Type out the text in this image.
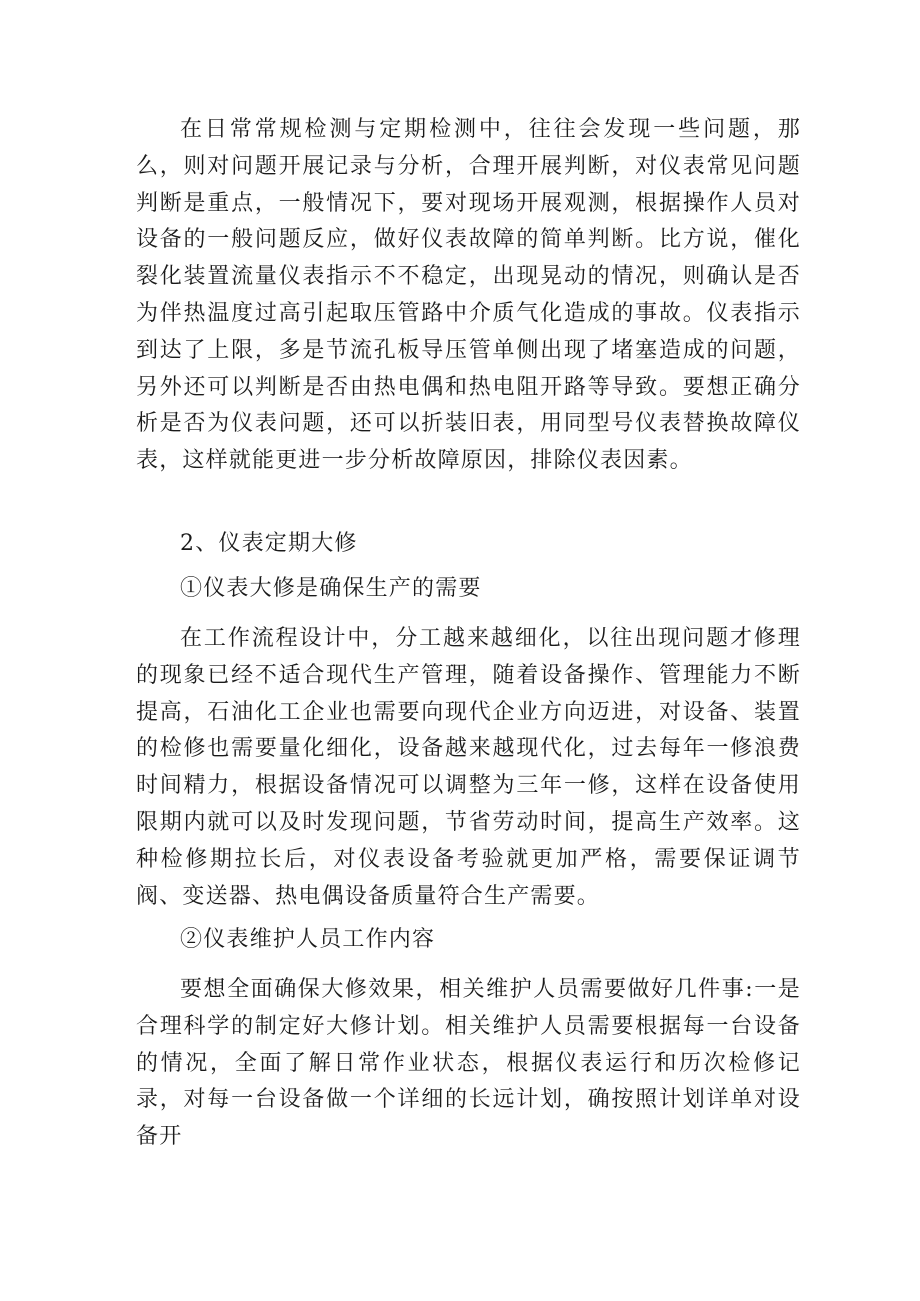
在日常常规检测与定期检测中，往往会发现一些问题，那么，则对问题开展记录与分析，合理开展判断，对仪表常见问题判断是重点，一般情况下，要对现场开展观测，根据操作人员对设备的一般问题反应，做好仪表故障的简单判断。比方说，催化裂化装置流量仪表指示不不稳定，出现晃动的情况，则确认是否为伴热温度过高引起取压管路中介质气化造成的事故。仪表指示到达了上限，多是节流孔板导压管单侧出现了堵塞造成的问题，另外还可以判断是否由热电偶和热电阻开路等导致。要想正确分析是否为仪表问题，还可以折装旧表，用同型号仪表替换故障仪表，这样就能更进一步分析故障原因，排除仪表因素。

2、仪表定期大修

①仪表大修是确保生产的需要

在工作流程设计中，分工越来越细化，以往出现问题才修理的现象已经不适合现代生产管理，随着设备操作、管理能力不断提高，石油化工企业也需要向现代企业方向迈进，对设备、装置的检修也需要量化细化，设备越来越现代化，过去每年一修浪费时间精力，根据设备情况可以调整为三年一修，这样在设备使用限期内就可以及时发现问题，节省劳动时间，提高生产效率。这种检修期拉长后，对仪表设备考验就更加严格，需要保证调节阀、变送器、热电偶设备质量符合生产需要。

②仪表维护人员工作内容

要想全面确保大修效果，相关维护人员需要做好几件事:一是合理科学的制定好大修计划。相关维护人员需要根据每一台设备的情况，全面了解日常作业状态，根据仪表运行和历次检修记录，对每一台设备做一个详细的长远计划，确按照计划详单对设备开
